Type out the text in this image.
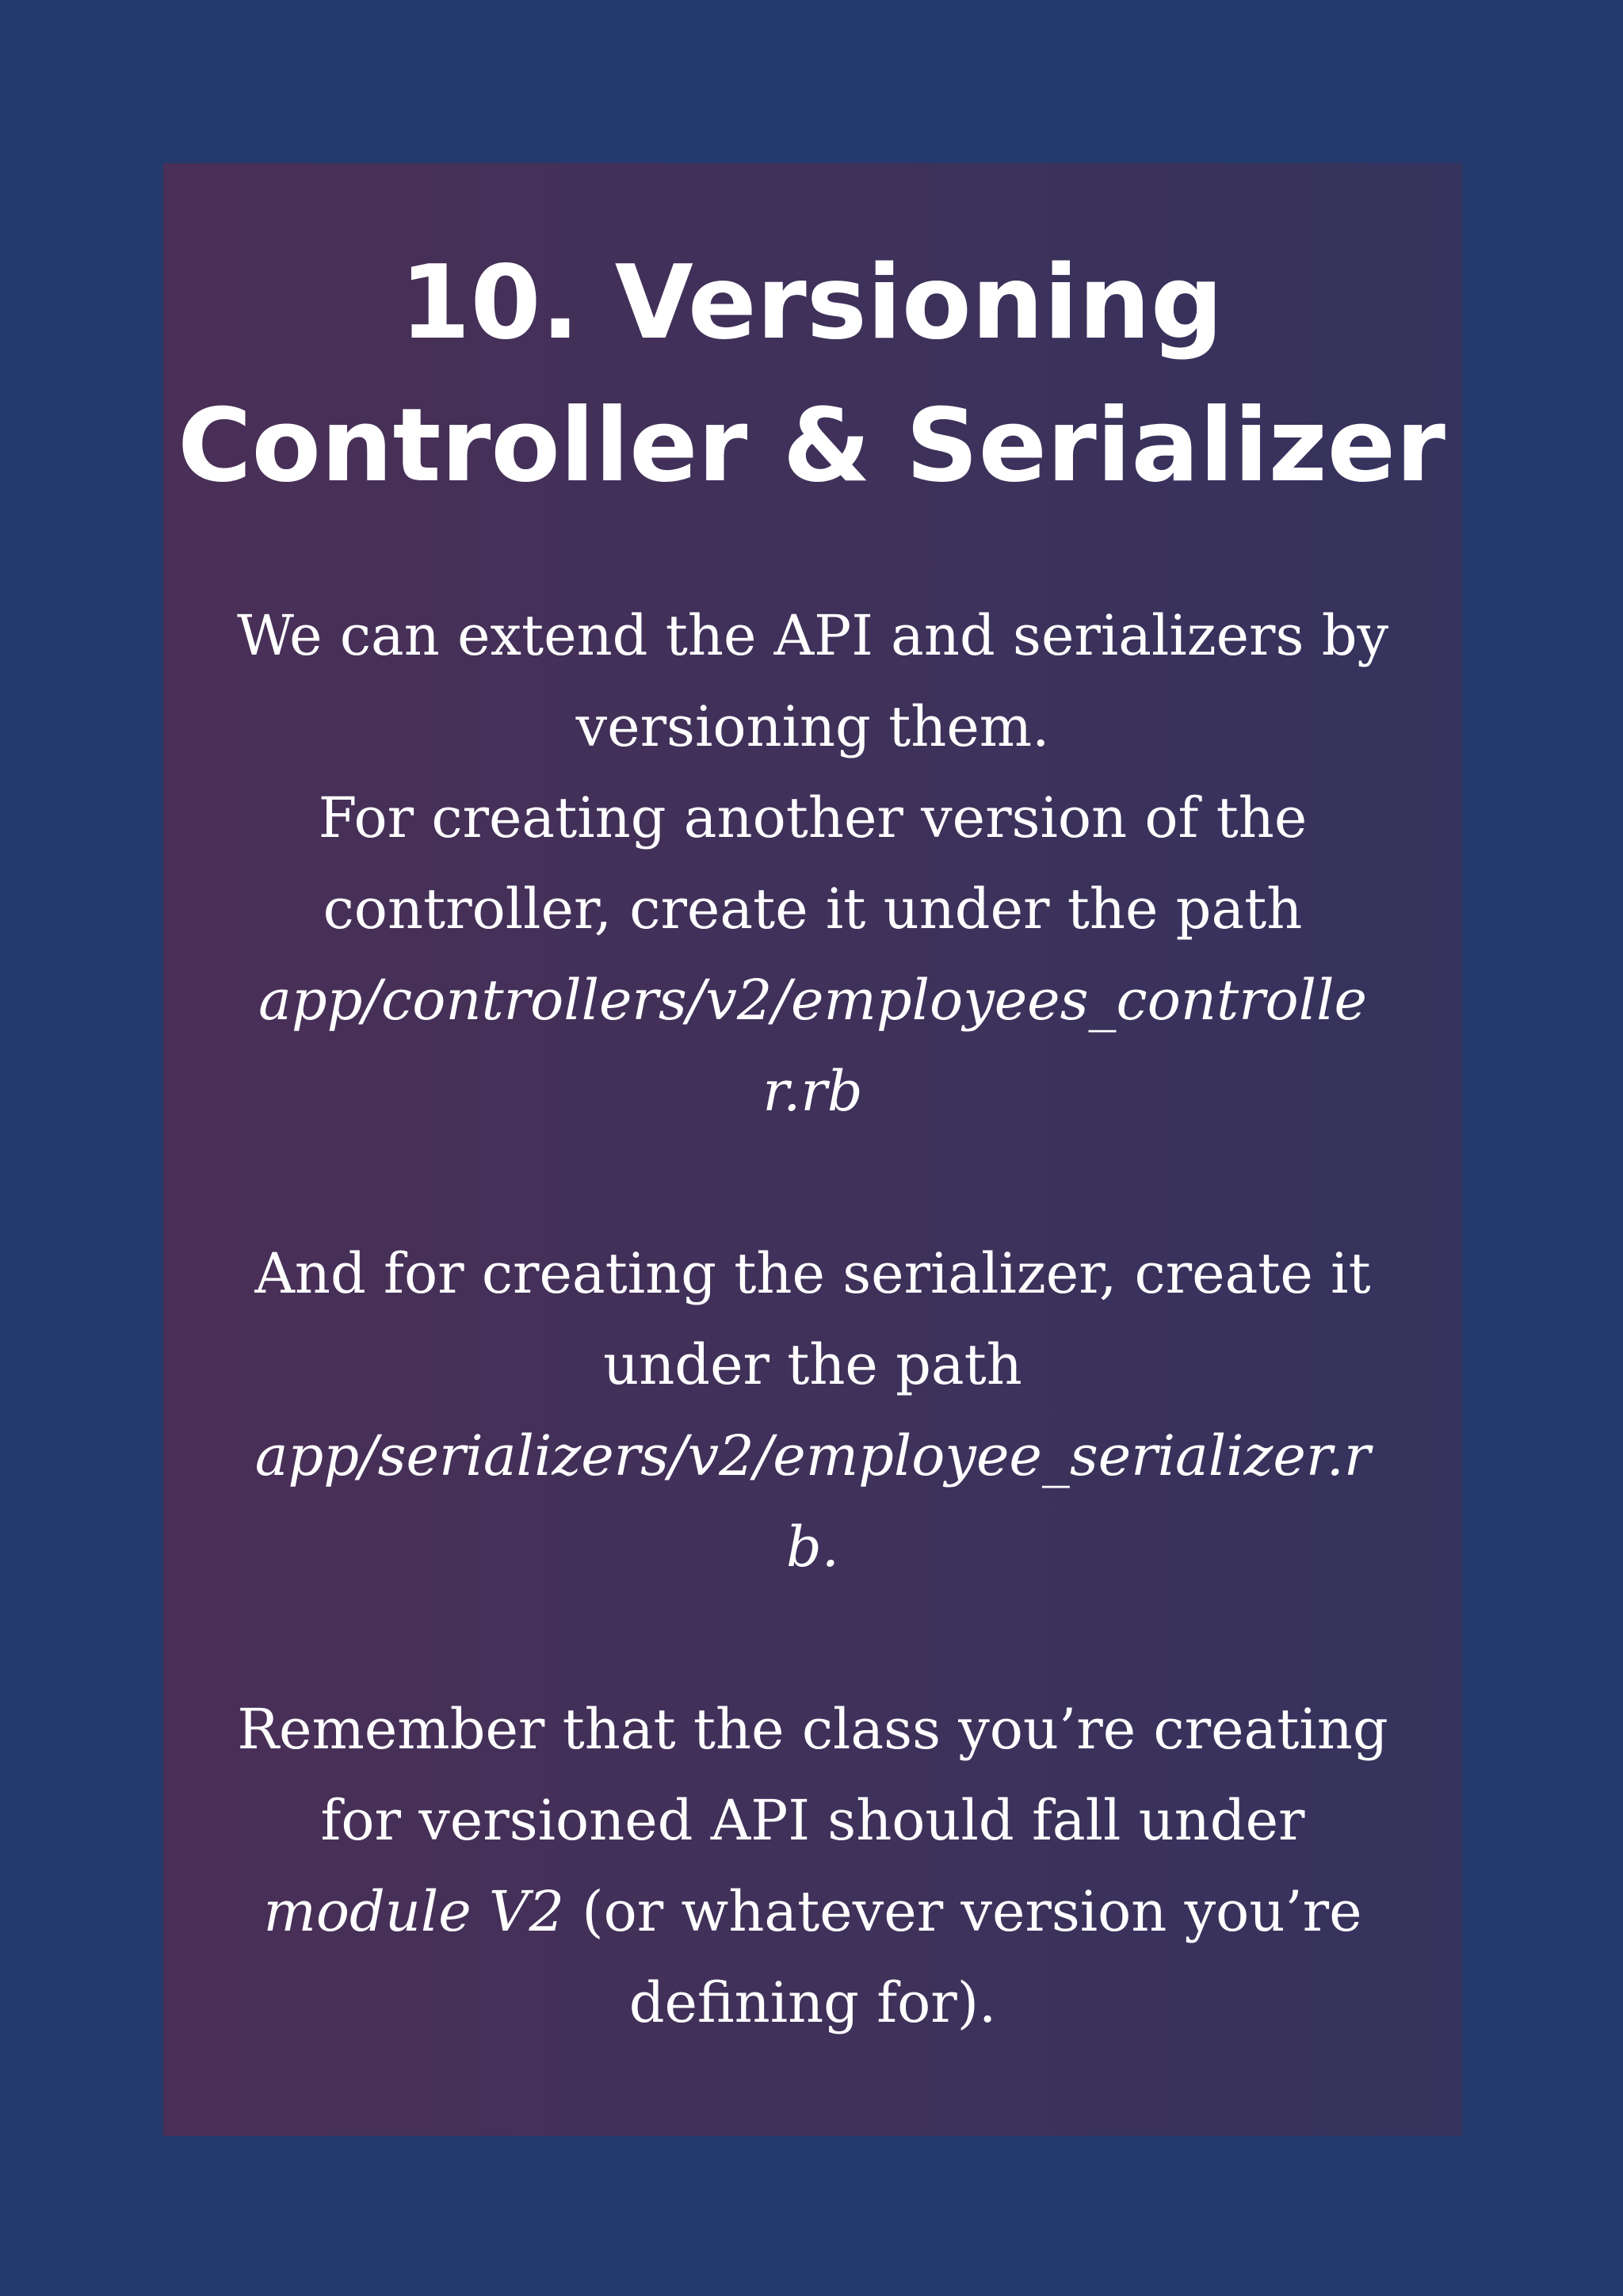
10. Versioning
Controller & Serializer
We can extend the API and serializers by
versioning them.
For creating another version of the
controller, create it under the path
app/controllers/v2/employees_controlle
r.rb
And for creating the serializer, create it
under the path
app/serializers/v2/employee_serializer.r
b.
Remember that the class you’re creating
for versioned API should fall under
module V2 (or whatever version you’re
defining for).
